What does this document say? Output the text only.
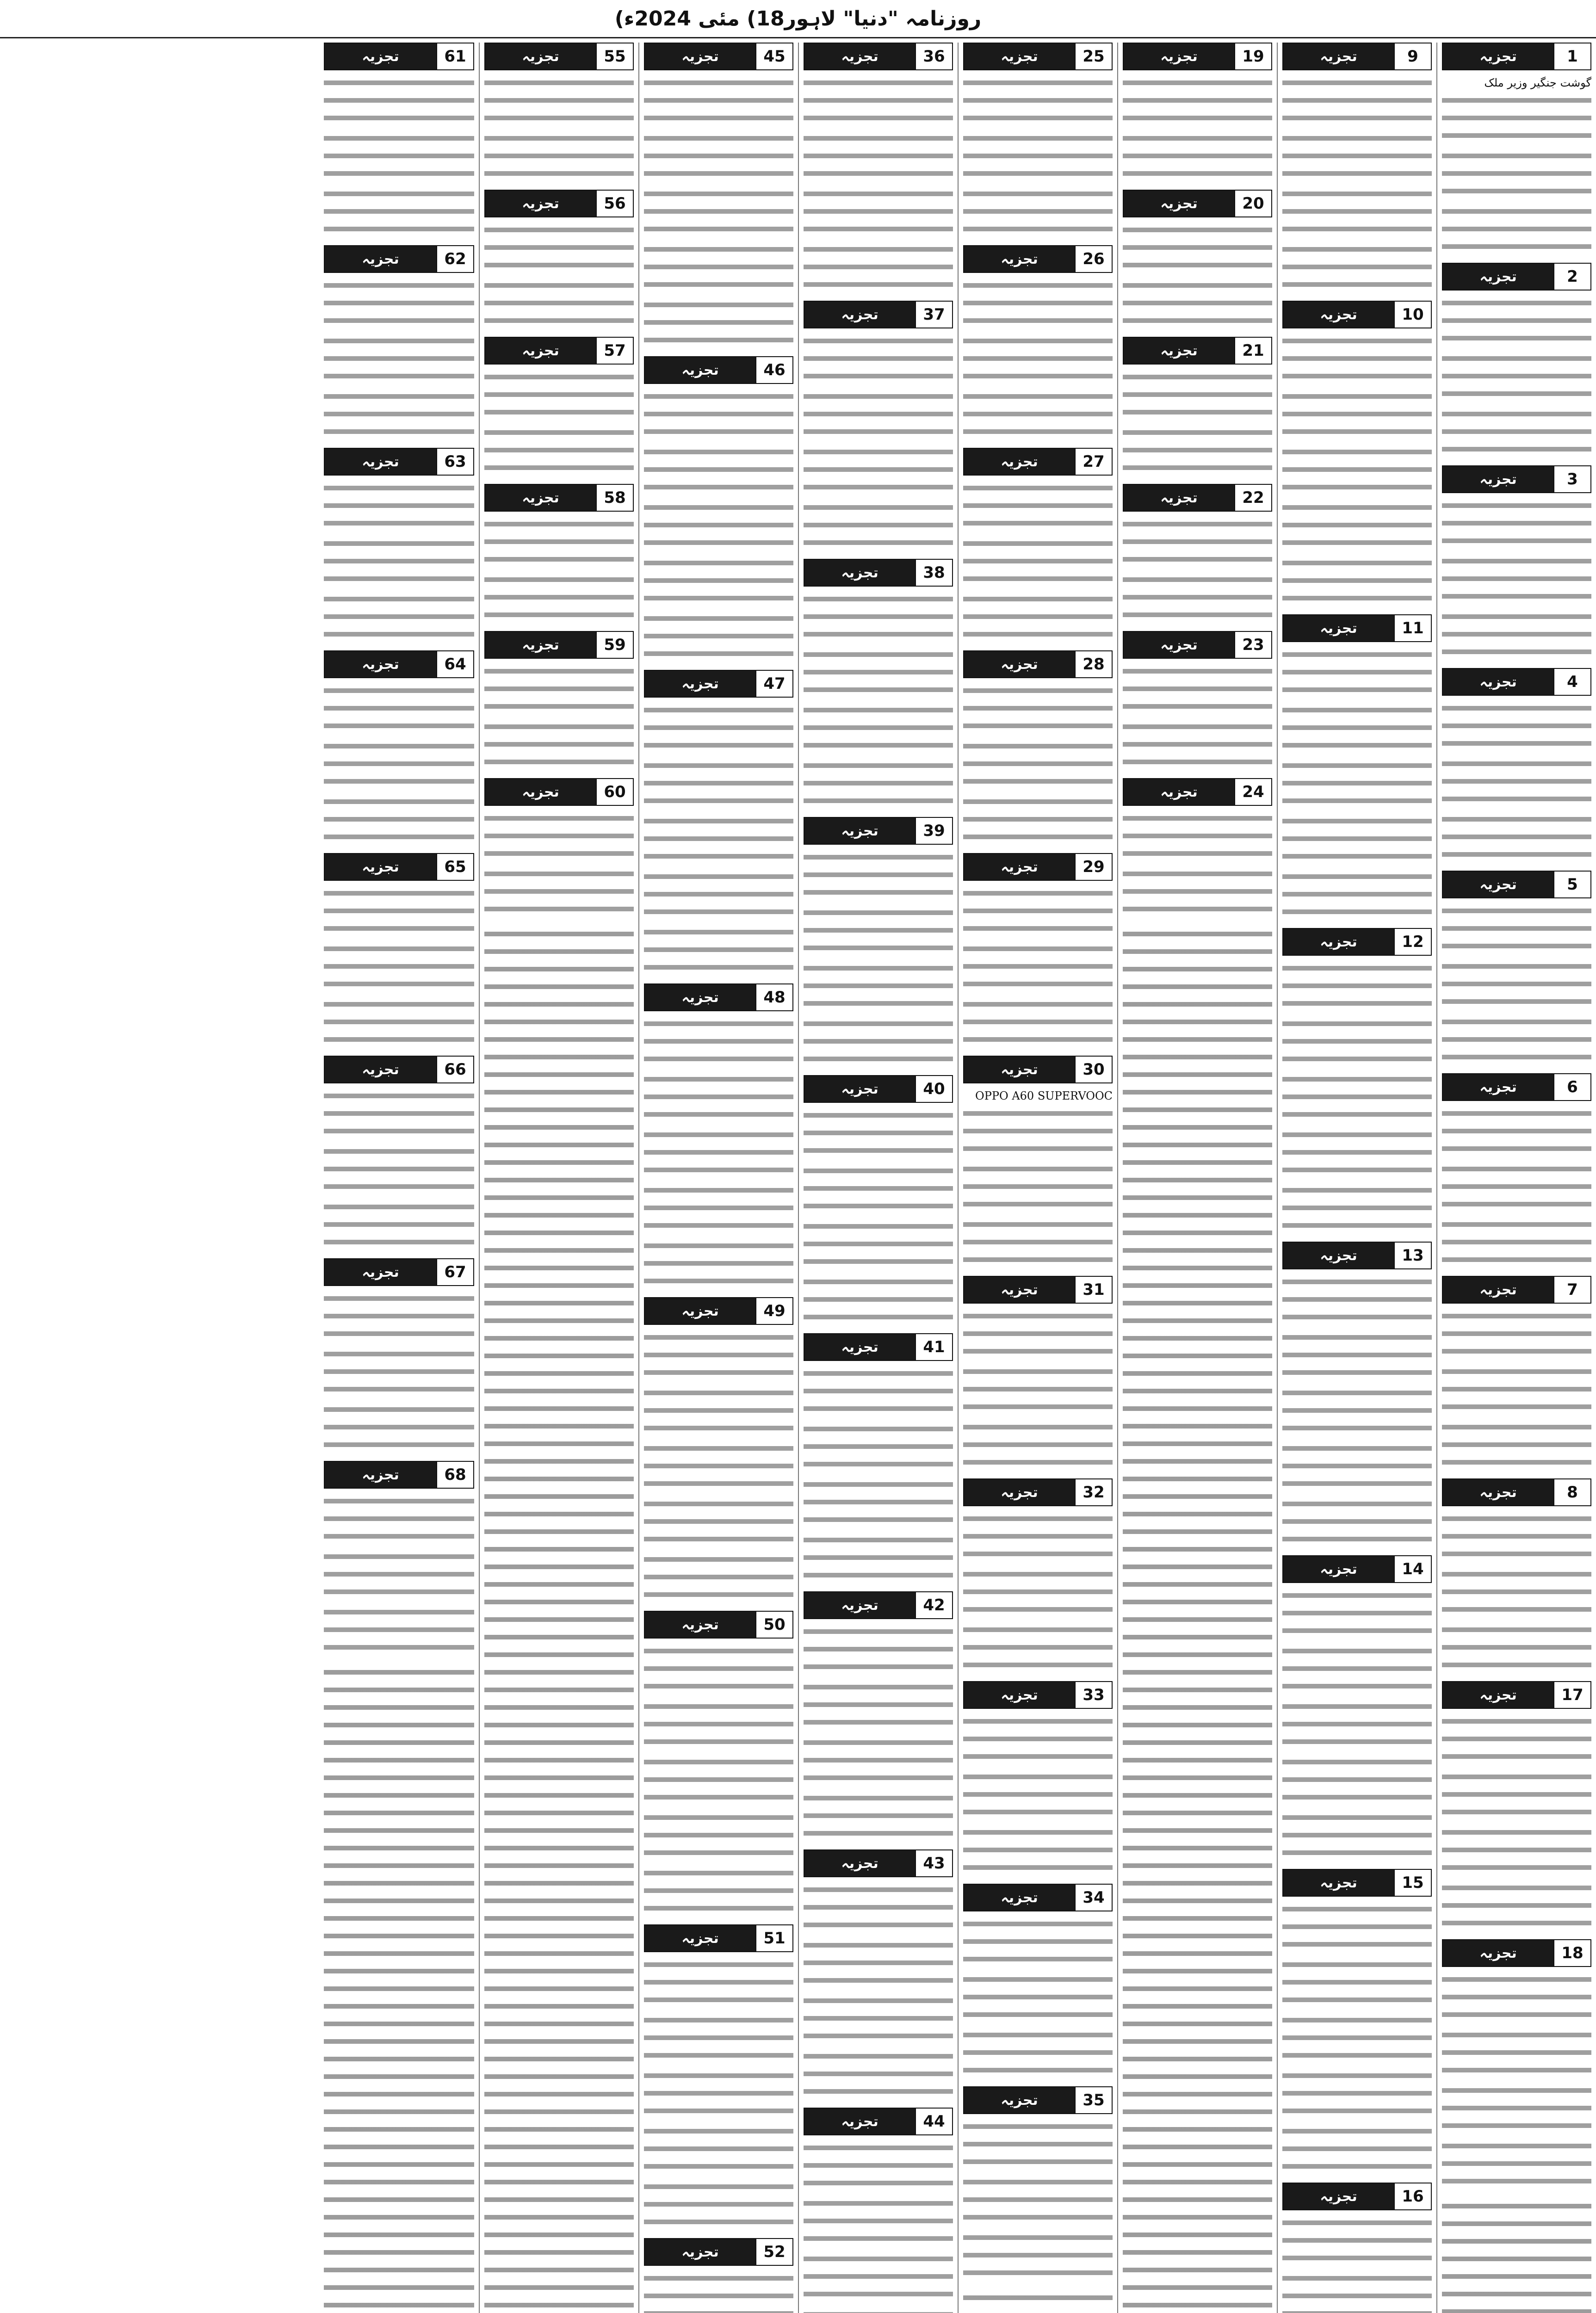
روزنامہ "دنیا" لاہور18) مئی 2024ء)
1
تجزیہ
گوشت جنگیر وزیر ملک
2
تجزیہ
3
تجزیہ
4
تجزیہ
5
تجزیہ
6
تجزیہ
7
تجزیہ
8
تجزیہ
17
تجزیہ
18
تجزیہ
9
تجزیہ
10
تجزیہ
11
تجزیہ
12
تجزیہ
13
تجزیہ
14
تجزیہ
15
تجزیہ
16
تجزیہ
19
تجزیہ
20
تجزیہ
21
تجزیہ
22
تجزیہ
23
تجزیہ
24
تجزیہ
25
تجزیہ
26
تجزیہ
27
تجزیہ
28
تجزیہ
29
تجزیہ
30
تجزیہ
OPPO A60 SUPERVOOC
31
تجزیہ
32
تجزیہ
33
تجزیہ
34
تجزیہ
35
تجزیہ
36
تجزیہ
37
تجزیہ
38
تجزیہ
39
تجزیہ
40
تجزیہ
41
تجزیہ
42
تجزیہ
43
تجزیہ
44
تجزیہ
45
تجزیہ
46
تجزیہ
47
تجزیہ
48
تجزیہ
49
تجزیہ
50
تجزیہ
51
تجزیہ
52
تجزیہ
55
تجزیہ
56
تجزیہ
57
تجزیہ
58
تجزیہ
59
تجزیہ
60
تجزیہ
61
تجزیہ
62
تجزیہ
63
تجزیہ
64
تجزیہ
65
تجزیہ
66
تجزیہ
67
تجزیہ
68
تجزیہ
